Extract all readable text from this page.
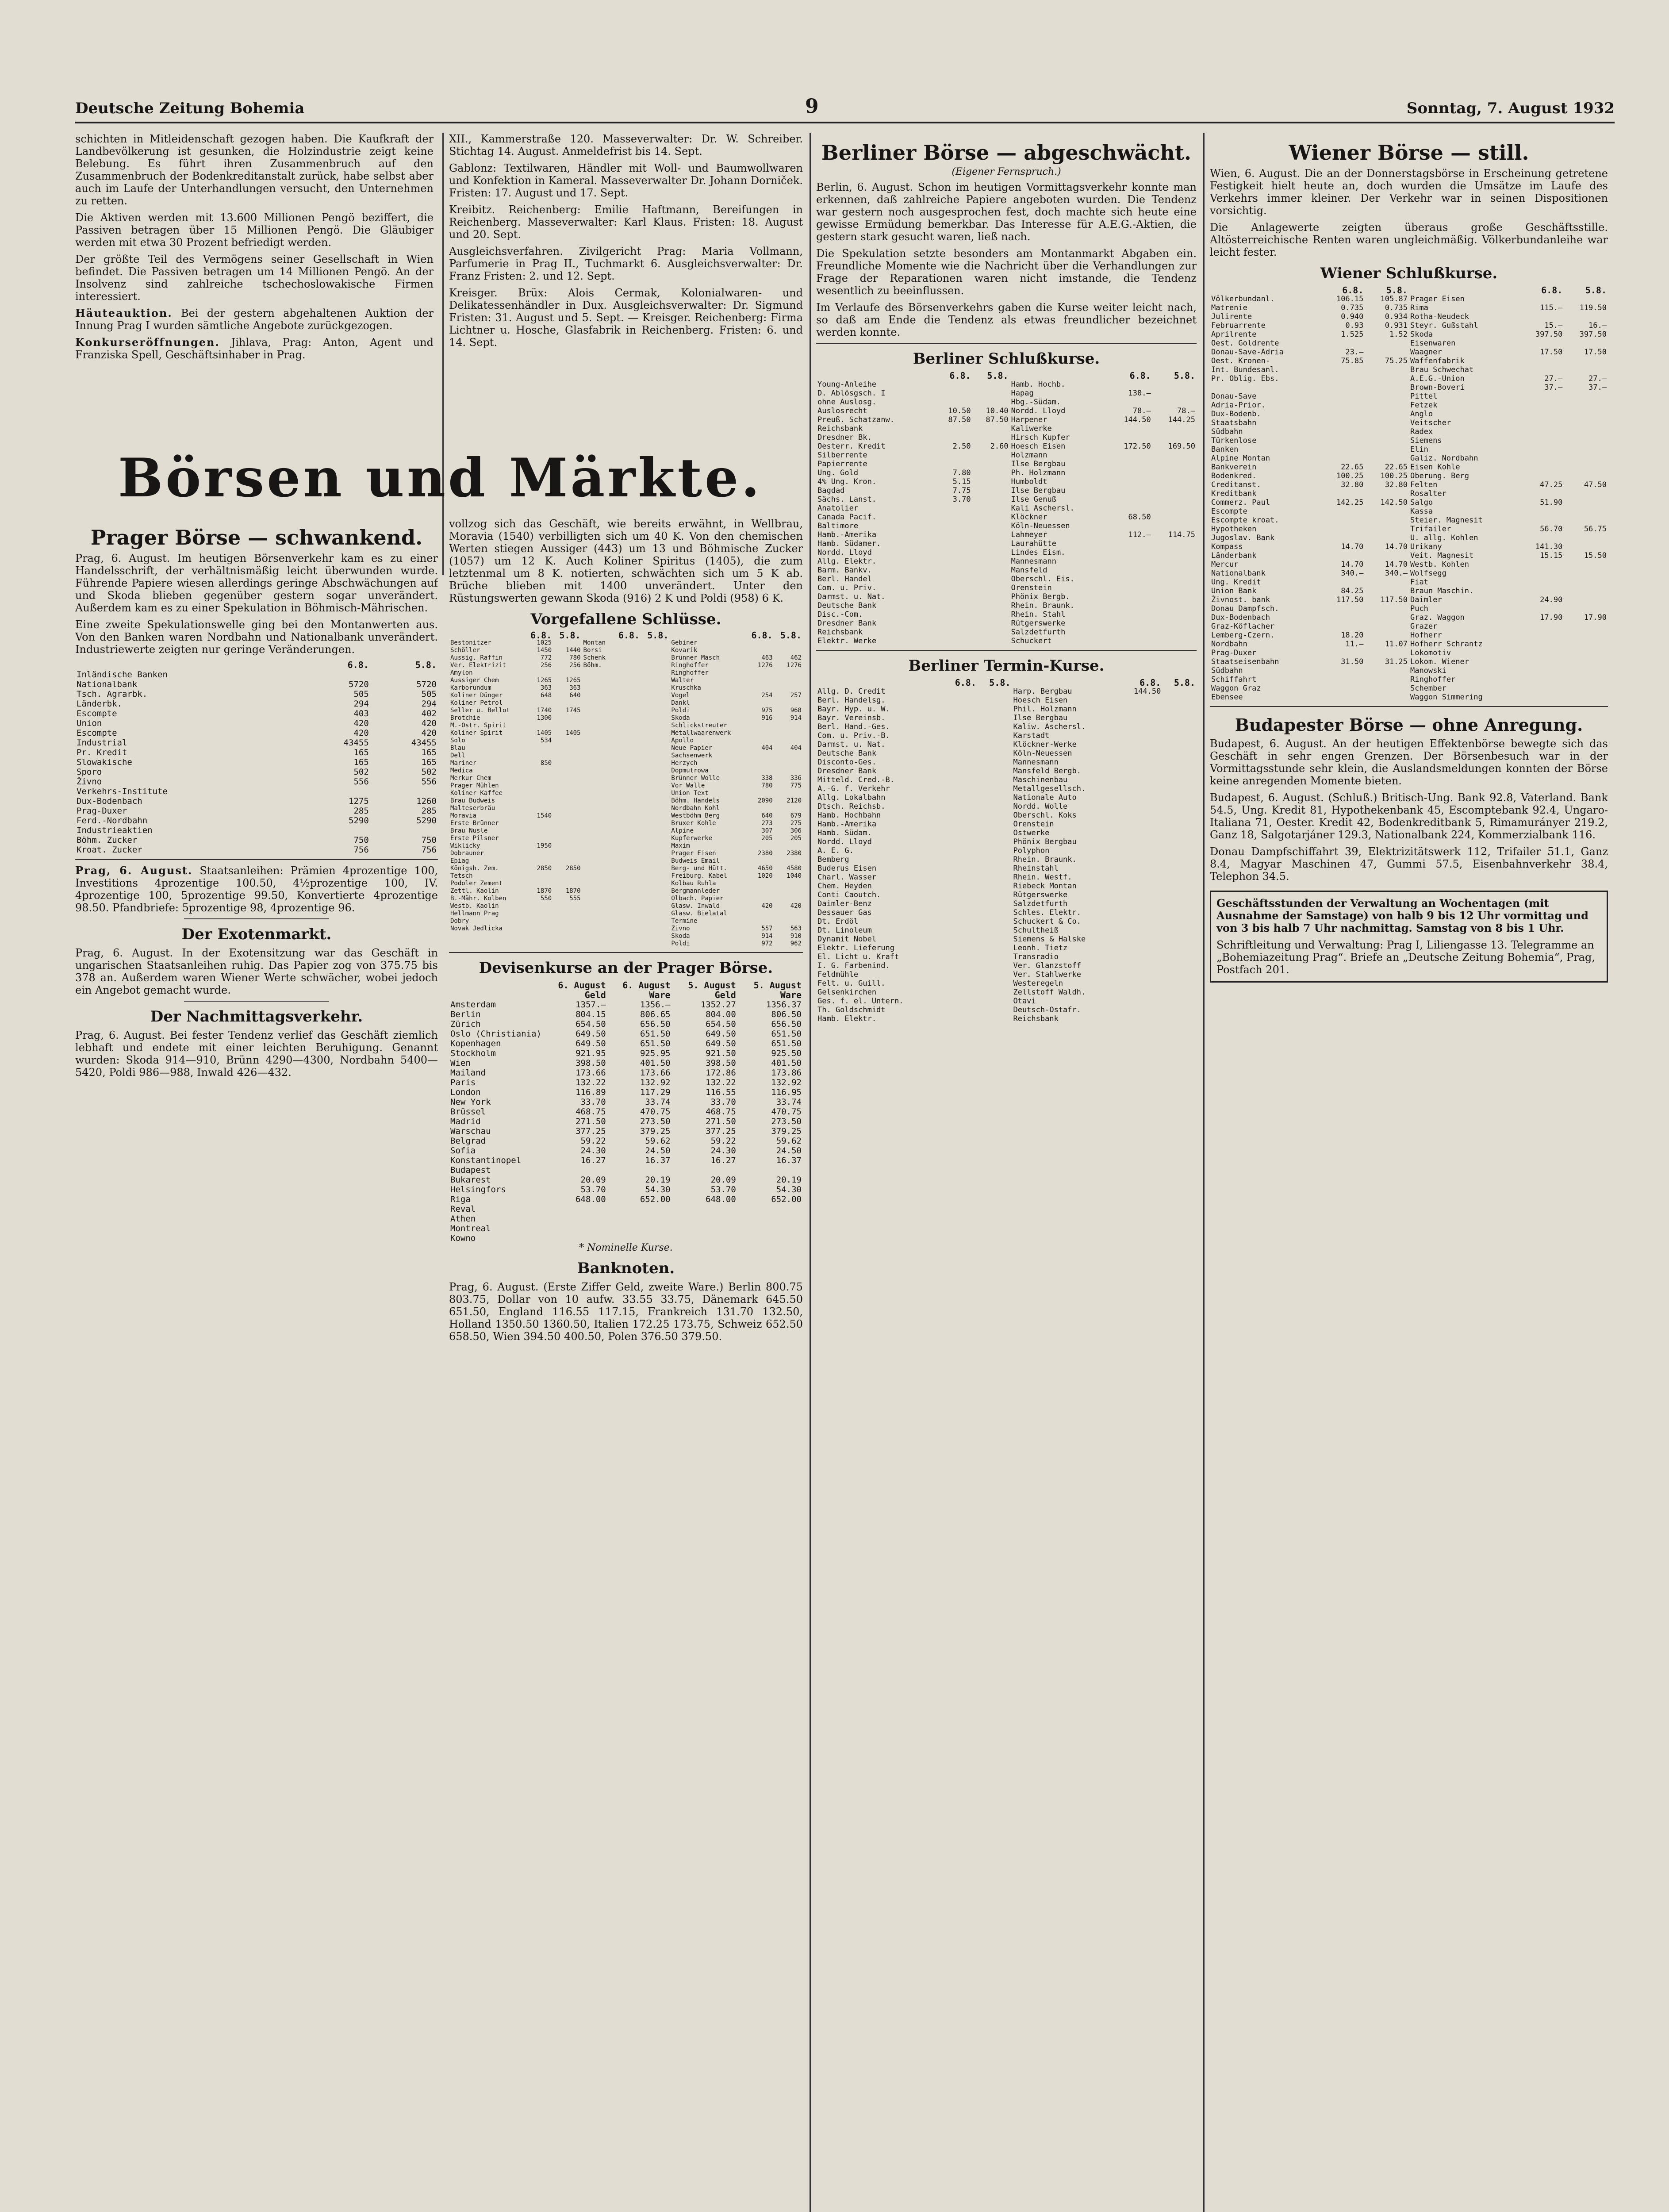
Deutsche Zeitung Bohemia	9	Sonntag, 7. August 1932

schichten in Mitleidenschaft gezogen haben. Die Kaufkraft der Landbevölkerung ist gesunken, die Holzindustrie zeigt keine Belebung. Es führt ihren Zusammenbruch auf den Zusammenbruch der Bodenkreditanstalt zurück, habe selbst aber auch im Laufe der Unterhandlungen versucht, den Unternehmen zu retten.

Die Aktiven werden mit 13.600 Millionen Pengö beziffert, die Passiven betragen über 15 Millionen Pengö. Die Gläubiger werden mit etwa 30 Prozent befriedigt werden.

Der größte Teil des Vermögens seiner Gesellschaft in Wien befindet. Die Passiven betragen um 14 Millionen Pengö. An der Insolvenz sind zahlreiche tschechoslowakische Firmen interessiert.

Häuteauktion. Bei der gestern abgehaltenen Auktion der Innung Prag I wurden sämtliche Angebote zurückgezogen.

Konkurseröffnungen. Jihlava, Prag: Anton, Agent und Franziska Spell, Geschäftsinhaber in Prag.

Börsen und Märkte.
Prager Börse — schwankend.

Prag, 6. August. Im heutigen Börsenverkehr kam es zu einer Handelsschrift, der verhältnismäßig leicht überwunden wurde. Führende Papiere wiesen allerdings geringe Abschwächungen auf und Skoda blieben gegenüber gestern sogar unverändert. Außerdem kam es zu einer Spekulation in Böhmisch-Mährischen.

Eine zweite Spekulationswelle ging bei den Montanwerten aus. Von den Banken waren Nordbahn und Nationalbank unverändert. Industriewerte zeigten nur geringe Veränderungen.

	6.8.	5.8.
Inländische Banken		
Nationalbank	5720	5720
Tsch. Agrarbk.	505	505
Länderbk.	294	294
Escompte	403	402
Union	420	420
Escompte	420	420
Industrial	43455	43455
Pr. Kredit	165	165
Slowakische	165	165
Sporo	502	502
Živno	556	556
Verkehrs-Institute		
Dux-Bodenbach	1275	1260
Prag-Duxer	285	285
Ferd.-Nordbahn	5290	5290
Industrieaktien		
Böhm. Zucker	750	750
Kroat. Zucker	756	756

Prag, 6. August. Staatsanleihen: Prämien 4prozentige 100, Investitions 4prozentige 100.50, 4½prozentige 100, IV. 4prozentige 100, 5prozentige 99.50, Konvertierte 4prozentige 98.50. Pfandbriefe: 5prozentige 98, 4prozentige 96.

Der Exotenmarkt.

Prag, 6. August. In der Exotensitzung war das Geschäft in ungarischen Staatsanleihen ruhig. Das Papier zog von 375.75 bis 378 an. Außerdem waren Wiener Werte schwächer, wobei jedoch ein Angebot gemacht wurde.

Der Nachmittagsverkehr.

Prag, 6. August. Bei fester Tendenz verlief das Geschäft ziemlich lebhaft und endete mit einer leichten Beruhigung. Genannt wurden: Skoda 914—910, Brünn 4290—4300, Nordbahn 5400—5420, Poldi 986—988, Inwald 426—432.

XII., Kammerstraße 120. Masseverwalter: Dr. W. Schreiber. Stichtag 14. August. Anmeldefrist bis 14. Sept.

Gablonz: Textilwaren, Händler mit Woll- und Baumwollwaren und Konfektion in Kameral. Masseverwalter Dr. Johann Dorniček. Fristen: 17. August und 17. Sept.

Kreibitz. Reichenberg: Emilie Haftmann, Bereifungen in Reichenberg. Masseverwalter: Karl Klaus. Fristen: 18. August und 20. Sept.

Ausgleichsverfahren. Zivilgericht Prag: Maria Vollmann, Parfumerie in Prag II., Tuchmarkt 6. Ausgleichsverwalter: Dr. Franz Fristen: 2. und 12. Sept.

Kreisger. Brüx: Alois Cermak, Kolonialwaren- und Delikatessenhändler in Dux. Ausgleichsverwalter: Dr. Sigmund Fristen: 31. August und 5. Sept. — Kreisger. Reichenberg: Firma Lichtner u. Hosche, Glasfabrik in Reichenberg. Fristen: 6. und 14. Sept.

vollzog sich das Geschäft, wie bereits erwähnt, in Wellbrau, Moravia (1540) verbilligten sich um 40 K. Von den chemischen Werten stiegen Aussiger (443) um 13 und Böhmische Zucker (1057) um 12 K. Auch Koliner Spiritus (1405), die zum letztenmal um 8 K. notierten, schwächten sich um 5 K ab. Brüche blieben mit 1400 unverändert. Unter den Rüstungswerten gewann Skoda (916) 2 K und Poldi (958) 6 K.

Vorgefallene Schlüsse.
	6.8.	5.8.		6.8.	5.8.		6.8.	5.8.
Bestonitzer	1025		Montan			Gebiner		
Schöller	1450	1440	Borsi			Kovarik		
Aussig. Raffin	772	780	Schenk			Brünner Masch	463	462
Ver. Elektrizit	256	256	Böhm.			Ringhoffer	1276	1276
Amylon						Ringhoffer		
Aussiger Chem	1265	1265				Walter		
Karborundum	363	363				Kruschka		
Koliner Dünger	648	640				Vogel	254	257
Koliner Petrol						Dankl		
Seller u. Bellot	1740	1745				Poldi	975	968
Brotchie	1300					Skoda	916	914
M.-Ostr. Spirit						Schlickstreuter		
Koliner Spirit	1405	1405				Metallwaarenwerk		
Solo	534					Apollo		
Blau						Neue Papier	404	404
Dell						Sachsenwerk		
Mariner	850					Herzych		
Medica						Dopmutrowa		
Merkur Chem						Brünner Wolle	338	336
Prager Mühlen						Vor Walle	780	775
Koliner Kaffee						Union Text		
Brau Budweis						Böhm. Handels	2090	2120
Malteserbräu						Nordbahn Kohl		
Moravia	1540					Westböhm Berg	640	679
Erste Brünner						Bruxer Kohle	273	275
Brau Nusle						Alpine	307	306
Erste Pilsner						Kupferwerke	205	205
Wiklicky	1950					Maxim		
Dobrauner						Prager Eisen	2380	2380
Epiag						Budweis Email		
Königsh. Zem.	2850	2850				Berg- und Hütt.	4650	4580
Tetsch						Freiburg. Kabel	1020	1040
Podoler Zement						Kolbau Ruhla		
Zettl. Kaolin	1870	1870				Bergmannleder		
B.-Mähr. Kolben	550	555				Ölbach. Papier		
Westb. Kaolin						Glasw. Inwald	420	420
Hellmann Prag						Glasw. Bielatal		
Dobry						Termine		
Novak Jedlicka						Živno	557	563
						Skoda	914	910
						Poldi	972	962
Devisenkurse an der Prager Börse.
	6. August Geld	6. August Ware	5. August Geld	5. August Ware
Amsterdam	1357.—	1356.—	1352.27	1356.37
Berlin	804.15	806.65	804.00	806.50
Zürich	654.50	656.50	654.50	656.50
Oslo (Christiania)	649.50	651.50	649.50	651.50
Kopenhagen	649.50	651.50	649.50	651.50
Stockholm	921.95	925.95	921.50	925.50
Wien	398.50	401.50	398.50	401.50
Mailand	173.66	173.66	172.86	173.86
Paris	132.22	132.92	132.22	132.92
London	116.89	117.29	116.55	116.95
New York	33.70	33.74	33.70	33.74
Brüssel	468.75	470.75	468.75	470.75
Madrid	271.50	273.50	271.50	273.50
Warschau	377.25	379.25	377.25	379.25
Belgrad	59.22	59.62	59.22	59.62
Sofia	24.30	24.50	24.30	24.50
Konstantinopel	16.27	16.37	16.27	16.37
Budapest				
Bukarest	20.09	20.19	20.09	20.19
Helsingfors	53.70	54.30	53.70	54.30
Riga	648.00	652.00	648.00	652.00
Reval				
Athen				
Montreal				
Kowno				
* Nominelle Kurse.
Banknoten.

Prag, 6. August. (Erste Ziffer Geld, zweite Ware.) Berlin 800.75 803.75, Dollar von 10 aufw. 33.55 33.75, Dänemark 645.50 651.50, England 116.55 117.15, Frankreich 131.70 132.50, Holland 1350.50 1360.50, Italien 172.25 173.75, Schweiz 652.50 658.50, Wien 394.50 400.50, Polen 376.50 379.50.

Berliner Börse — abgeschwächt.
(Eigener Fernspruch.)

Berlin, 6. August. Schon im heutigen Vormittagsverkehr konnte man erkennen, daß zahlreiche Papiere angeboten wurden. Die Tendenz war gestern noch ausgesprochen fest, doch machte sich heute eine gewisse Ermüdung bemerkbar. Das Interesse für A.E.G.-Aktien, die gestern stark gesucht waren, ließ nach.

Die Spekulation setzte besonders am Montanmarkt Abgaben ein. Freundliche Momente wie die Nachricht über die Verhandlungen zur Frage der Reparationen waren nicht imstande, die Tendenz wesentlich zu beeinflussen.

Im Verlaufe des Börsenverkehrs gaben die Kurse weiter leicht nach, so daß am Ende die Tendenz als etwas freundlicher bezeichnet werden konnte.

Berliner Schlußkurse.
	6.8.	5.8.		6.8.	5.8.
Young-Anleihe			Hamb. Hochb.		
D. Ablösgsch. I			Hapag	130.—	
ohne Auslosg.			Hbg.-Südam.		
Auslosrecht	10.50	10.40	Nordd. Lloyd	78.—	78.—
Preuß. Schatzanw.	87.50	87.50	Harpener	144.50	144.25
Reichsbank			Kaliwerke		
Dresdner Bk.			Hirsch Kupfer		
Oesterr. Kredit	2.50	2.60	Hoesch Eisen	172.50	169.50
Silberrente			Holzmann		
Papierrente			Ilse Bergbau		
Ung. Gold	7.80		Ph. Holzmann		
4% Ung. Kron.	5.15		Humboldt		
Bagdad	7.75		Ilse Bergbau		
Sächs. Lanst.	3.70		Ilse Genuß		
Anatolier			Kali Aschersl.		
Canada Pacif.			Klöckner	68.50	
Baltimore			Köln-Neuessen		
Hamb.-Amerika			Lahmeyer	112.—	114.75
Hamb. Südamer.			Laurahütte		
Nordd. Lloyd			Lindes Eism.		
Allg. Elektr.			Mannesmann		
Barm. Bankv.			Mansfeld		
Berl. Handel			Oberschl. Eis.		
Com. u. Priv.			Orenstein		
Darmst. u. Nat.			Phönix Bergb.		
Deutsche Bank			Rhein. Braunk.		
Disc.-Com.			Rhein. Stahl		
Dresdner Bank			Rütgerswerke		
Reichsbank			Salzdetfurth		
Elektr. Werke			Schuckert		
Berliner Termin-Kurse.
	6.8.	5.8.		6.8.	5.8.
Allg. D. Credit			Harp. Bergbau	144.50	
Berl. Handelsg.			Hoesch Eisen		
Bayr. Hyp. u. W.			Phil. Holzmann		
Bayr. Vereinsb.			Ilse Bergbau		
Berl. Hand.-Ges.			Kaliw. Aschersl.		
Com. u. Priv.-B.			Karstadt		
Darmst. u. Nat.			Klöckner-Werke		
Deutsche Bank			Köln-Neuessen		
Disconto-Ges.			Mannesmann		
Dresdner Bank			Mansfeld Bergb.		
Mitteld. Cred.-B.			Maschinenbau		
A.-G. f. Verkehr			Metallgesellsch.		
Allg. Lokalbahn			Nationale Auto		
Dtsch. Reichsb.			Nordd. Wolle		
Hamb. Hochbahn			Oberschl. Koks		
Hamb.-Amerika			Orenstein		
Hamb. Südam.			Ostwerke		
Nordd. Lloyd			Phönix Bergbau		
A. E. G.			Polyphon		
Bemberg			Rhein. Braunk.		
Buderus Eisen			Rheinstahl		
Charl. Wasser			Rhein. Westf.		
Chem. Heyden			Riebeck Montan		
Conti Caoutch.			Rütgerswerke		
Daimler-Benz			Salzdetfurth		
Dessauer Gas			Schles. Elektr.		
Dt. Erdöl			Schuckert & Co.		
Dt. Linoleum			Schultheiß		
Dynamit Nobel			Siemens & Halske		
Elektr. Lieferung			Leonh. Tietz		
El. Licht u. Kraft			Transradio		
I. G. Farbenind.			Ver. Glanzstoff		
Feldmühle			Ver. Stahlwerke		
Felt. u. Guill.			Westeregeln		
Gelsenkirchen			Zellstoff Waldh.		
Ges. f. el. Untern.			Otavi		
Th. Goldschmidt			Deutsch-Ostafr.		
Hamb. Elektr.			Reichsbank		
Wiener Börse — still.

Wien, 6. August. Die an der Donnerstagsbörse in Erscheinung getretene Festigkeit hielt heute an, doch wurden die Umsätze im Laufe des Verkehrs immer kleiner. Der Verkehr war in seinen Dispositionen vorsichtig.

Die Anlagewerte zeigten überaus große Geschäftsstille. Altösterreichische Renten waren ungleichmäßig. Völkerbundanleihe war leicht fester.

Wiener Schlußkurse.
	6.8.	5.8.		6.8.	5.8.
Völkerbundanl.	106.15	105.87	Prager Eisen		
Matrenie	0.735	0.735	Rima	115.—	119.50
Julirente	0.940	0.934	Rotha-Neudeck		
Februarrente	0.93	0.931	Steyr. Gußstahl	15.—	16.—
Aprilrente	1.525	1.52	Skoda	397.50	397.50
Oest. Goldrente			Eisenwaren		
Donau-Save-Adria	23.—		Waagner	17.50	17.50
Oest. Kronen-	75.85	75.25	Waffenfabrik		
Int. Bundesanl.			Brau Schwechat		
Pr. Oblig. Ebs.			A.E.G.-Union	27.—	27.—
			Brown-Boveri	37.—	37.—
Donau-Save			Pittel		
Adria-Prior.			Fetzek		
Dux-Bodenb.			Anglo		
Staatsbahn			Veitscher		
Südbahn			Radex		
Türkenlose			Siemens		
Banken			Elin		
Alpine Montan			Galiz. Nordbahn		
Bankverein	22.65	22.65	Eisen Kohle		
Bodenkred.	100.25	100.25	Oberung. Berg		
Creditanst.	32.80	32.80	Felten	47.25	47.50
Kreditbank			Rosalter		
Commerz. Paul	142.25	142.50	Salgo	51.90	
Escompte			Kassa		
Escompte kroat.			Steier. Magnesit		
Hypotheken			Trifailer	56.70	56.75
Jugoslav. Bank			U. allg. Kohlen		
Kompass	14.70	14.70	Urikany	141.30	
Länderbank			Veit. Magnesit	15.15	15.50
Mercur	14.70	14.70	Westb. Kohlen		
Nationalbank	340.—	340.—	Wolfsegg		
Ung. Kredit			Fiat		
Union Bank	84.25		Braun Maschin.		
Živnost. bank	117.50	117.50	Daimler	24.90	
Donau Dampfsch.			Puch		
Dux-Bodenbach			Graz. Waggon	17.90	17.90
Graz-Köflacher			Grazer		
Lemberg-Czern.	18.20		Hofherr		
Nordbahn	11.—	11.07	Hofherr Schrantz		
Prag-Duxer			Lokomotiv		
Staatseisenbahn	31.50	31.25	Lokom. Wiener		
Südbahn			Manowski		
Schiffahrt			Ringhoffer		
Waggon Graz			Schember		
Ebensee			Waggon Simmering		
Budapester Börse — ohne Anregung.

Budapest, 6. August. An der heutigen Effektenbörse bewegte sich das Geschäft in sehr engen Grenzen. Der Börsenbesuch war in der Vormittagsstunde sehr klein, die Auslandsmeldungen konnten der Börse keine anregenden Momente bieten.

Budapest, 6. August. (Schluß.) Britisch-Ung. Bank 92.8, Vaterland. Bank 54.5, Ung. Kredit 81, Hypothekenbank 45, Escomptebank 92.4, Ungaro-Italiana 71, Oester. Kredit 42, Bodenkreditbank 5, Rimamurányer 219.2, Ganz 18, Salgotarjáner 129.3, Nationalbank 224, Kommerzialbank 116.

Donau Dampfschiffahrt 39, Elektrizitätswerk 112, Trifailer 51.1, Ganz 8.4, Magyar Maschinen 47, Gummi 57.5, Eisenbahnverkehr 38.4, Telephon 34.5.

Geschäftsstunden der Verwaltung an Wochentagen (mit Ausnahme der Samstage) von halb 9 bis 12 Uhr vormittag und von 3 bis halb 7 Uhr nachmittag. Samstag von 8 bis 1 Uhr.
Schriftleitung und Verwaltung: Prag I, Liliengasse 13. Telegramme an „Bohemiazeitung Prag“. Briefe an „Deutsche Zeitung Bohemia“, Prag, Postfach 201.
